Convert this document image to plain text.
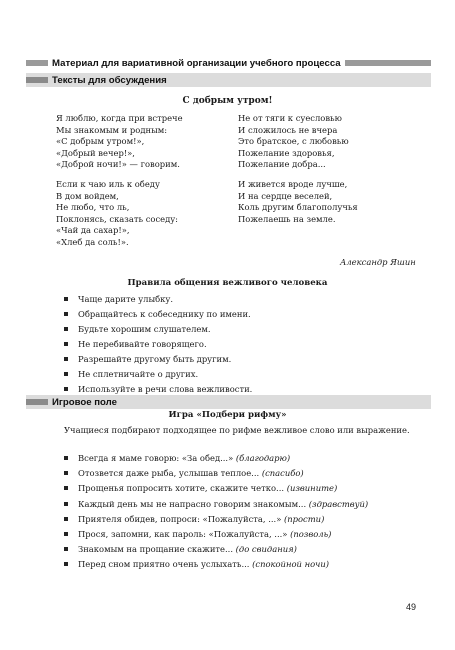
Материал для вариативной организации учебного процесса
Тексты для обсуждения
С добрым утром!
Я люблю, когда при встрече
Мы знакомым и родным:
«С добрым утром!»,
«Добрый вечер!»,
«Доброй ночи!» — говорим.
Если к чаю иль к обеду
В дом войдем,
Не любо, что ль,
Поклонясь, сказать соседу:
«Чай да сахар!»,
«Хлеб да соль!».
Не от тяги к суесловью
И сложилось не вчера
Это братское, с любовью
Пожелание здоровья,
Пожелание добра...
И живется вроде лучше,
И на сердце веселей,
Коль другим благополучья
Пожелаешь на земле.
Александр Яшин
Правила общения вежливого человека
Чаще дарите улыбку.
Обращайтесь к собеседнику по имени.
Будьте хорошим слушателем.
Не перебивайте говорящего.
Разрешайте другому быть другим.
Не сплетничайте о других.
Используйте в речи слова вежливости.
Игровое поле
Игра «Подбери рифму»
Учащиеся подбирают подходящее по рифме вежливое слово или выражение.
Всегда я маме говорю: «За обед...» (благодарю)
Отозвется даже рыба, услышав теплое... (спасибо)
Прощенья попросить хотите, скажите четко... (извините)
Каждый день мы не напрасно говорим знакомым... (здравствуй)
Приятеля обидев, попроси: «Пожалуйста, ...» (прости)
Прося, запомни, как пароль: «Пожалуйста, ...» (позволь)
Знакомым на прощание скажите... (до свидания)
Перед сном приятно очень услыхать... (спокойной ночи)
49
